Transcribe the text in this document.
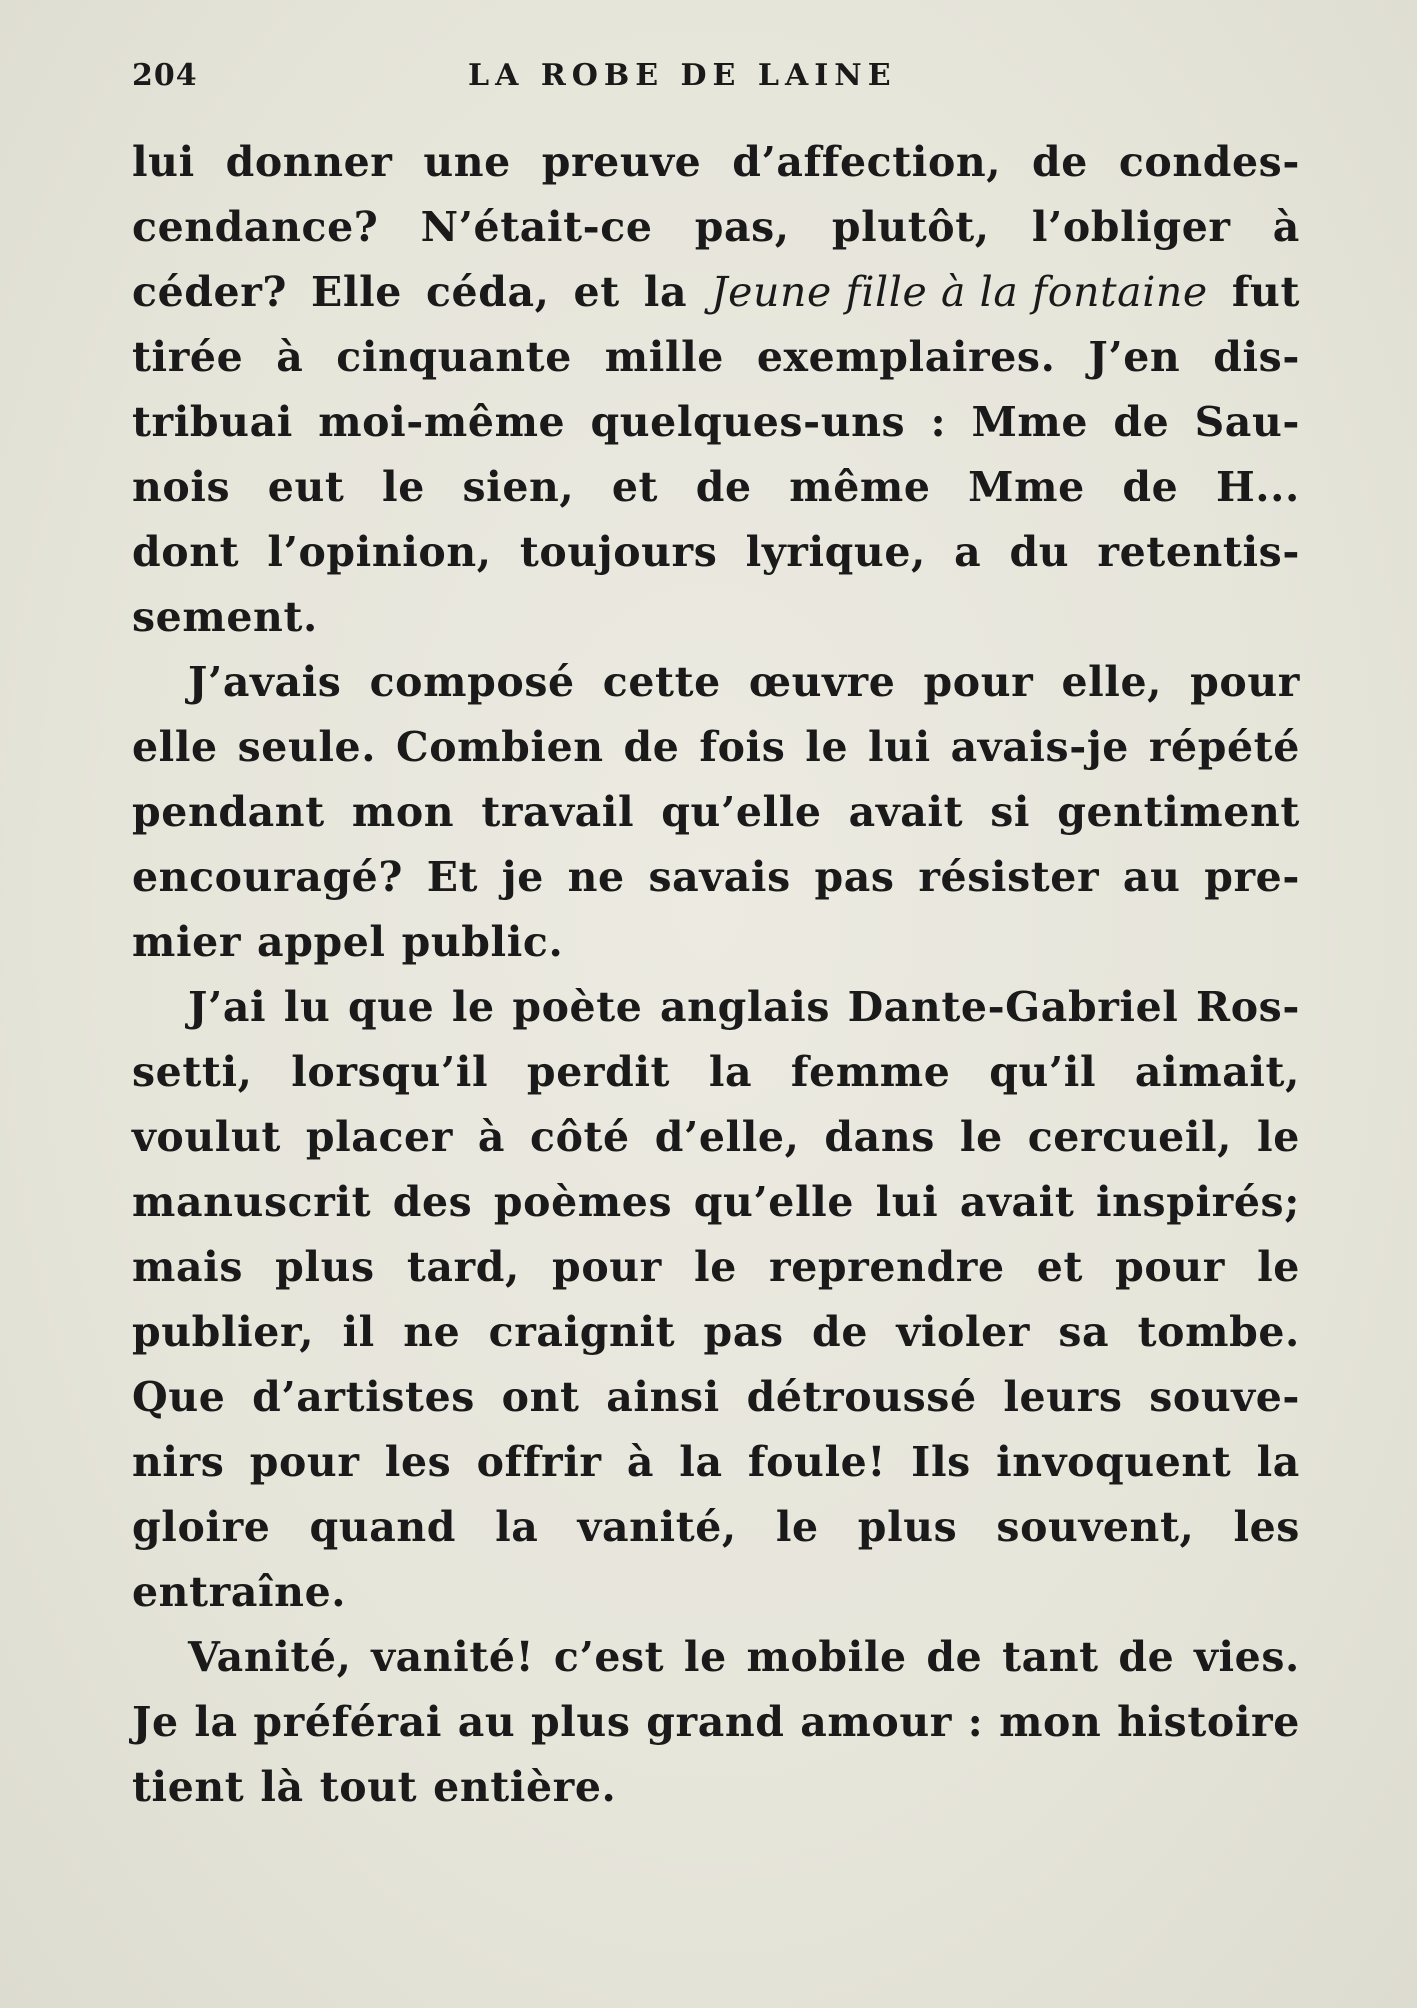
204	LA ROBE DE LAINE
lui donner une preuve d’affection, de condes-
cendance? N’était-ce pas, plutôt, l’obliger à
céder? Elle céda, et la Jeune fille à la fontaine fut
tirée à cinquante mille exemplaires. J’en dis-
tribuai moi-même quelques-uns : Mme de Sau-
nois eut le sien, et de même Mme de H...
dont l’opinion, toujours lyrique, a du retentis-
sement.
J’avais composé cette œuvre pour elle, pour
elle seule. Combien de fois le lui avais-je répété
pendant mon travail qu’elle avait si gentiment
encouragé? Et je ne savais pas résister au pre-
mier appel public.
J’ai lu que le poète anglais Dante-Gabriel Ros-
setti, lorsqu’il perdit la femme qu’il aimait,
voulut placer à côté d’elle, dans le cercueil, le
manuscrit des poèmes qu’elle lui avait inspirés;
mais plus tard, pour le reprendre et pour le
publier, il ne craignit pas de violer sa tombe.
Que d’artistes ont ainsi détroussé leurs souve-
nirs pour les offrir à la foule! Ils invoquent la
gloire quand la vanité, le plus souvent, les
entraîne.
Vanité, vanité! c’est le mobile de tant de vies.
Je la préférai au plus grand amour : mon histoire
tient là tout entière.
